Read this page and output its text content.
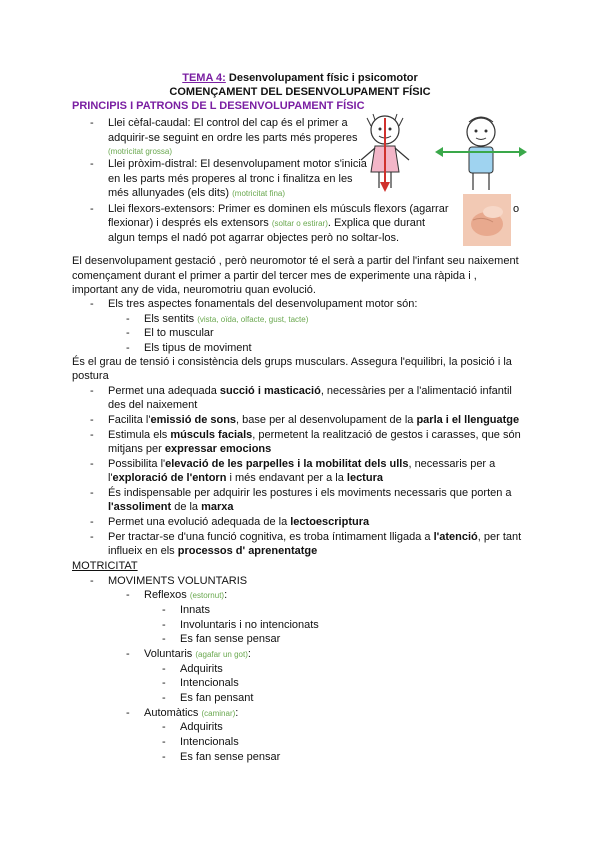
TEMA 4: Desenvolupament físic i psicomotor
COMENÇAMENT DEL DESENVOLUPAMENT FÍSIC
PRINCIPIS I PATRONS DE L DESENVOLUPAMENT FÍSIC
- Llei cèfal-caudal: El control del cap és el primer a
adquirir-se seguint en ordre les parts més properes
(motricitat grossa)
- Llei pròxim-distral: El desenvolupament motor s'inicia
en les parts més properes al tronc i finalitza en les
més allunyades (els dits) (motricitat fina)
- Llei flexors-extensors: Primer es dominen els músculs flexors (agarrar	o
flexionar) i després els extensors (soltar o estirar). Explica que durant
algun temps el nadó pot agarrar objectes però no soltar-los.
El desenvolupament gestació , però neuromotor té el serà a partir del l'infant seu naixement
començament durant el primer a partir del tercer mes de experimente una ràpida i ,
important any de vida, neuromotriu quan evolució.
- Els tres aspectes fonamentals del desenvolupament motor són:
- Els sentits (vista, oïda, olfacte, gust, tacte)
- El to muscular
- Els tipus de moviment
És el grau de tensió i consistència dels grups musculars. Assegura l'equilibri, la posició i la
postura
- Permet una adequada succió i masticació, necessàries per a l'alimentació infantil
des del naixement
- Facilita l'emissió de sons, base per al desenvolupament de la parla i el llenguatge
- Estimula els músculs facials, permetent la realització de gestos i carasses, que són
mitjans per expressar emocions
- Possibilita l'elevació de les parpelles i la mobilitat dels ulls, necessaris per a
l'exploració de l'entorn i més endavant per a la lectura
- És indispensable per adquirir les postures i els moviments necessaris que porten a
l'assoliment de la marxa
- Permet una evolució adequada de la lectoescriptura
- Per tractar-se d'una funció cognitiva, es troba íntimament lligada a l'atenció, per tant
influeix en els processos d' aprenentatge
MOTRICITAT
- MOVIMENTS VOLUNTARIS
- Reflexos (estornut):
- Innats
- Involuntaris i no intencionats
- Es fan sense pensar
- Voluntaris (agafar un got):
- Adquirits
- Intencionals
- Es fan pensant
- Automàtics (caminar):
- Adquirits
- Intencionals
- Es fan sense pensar
